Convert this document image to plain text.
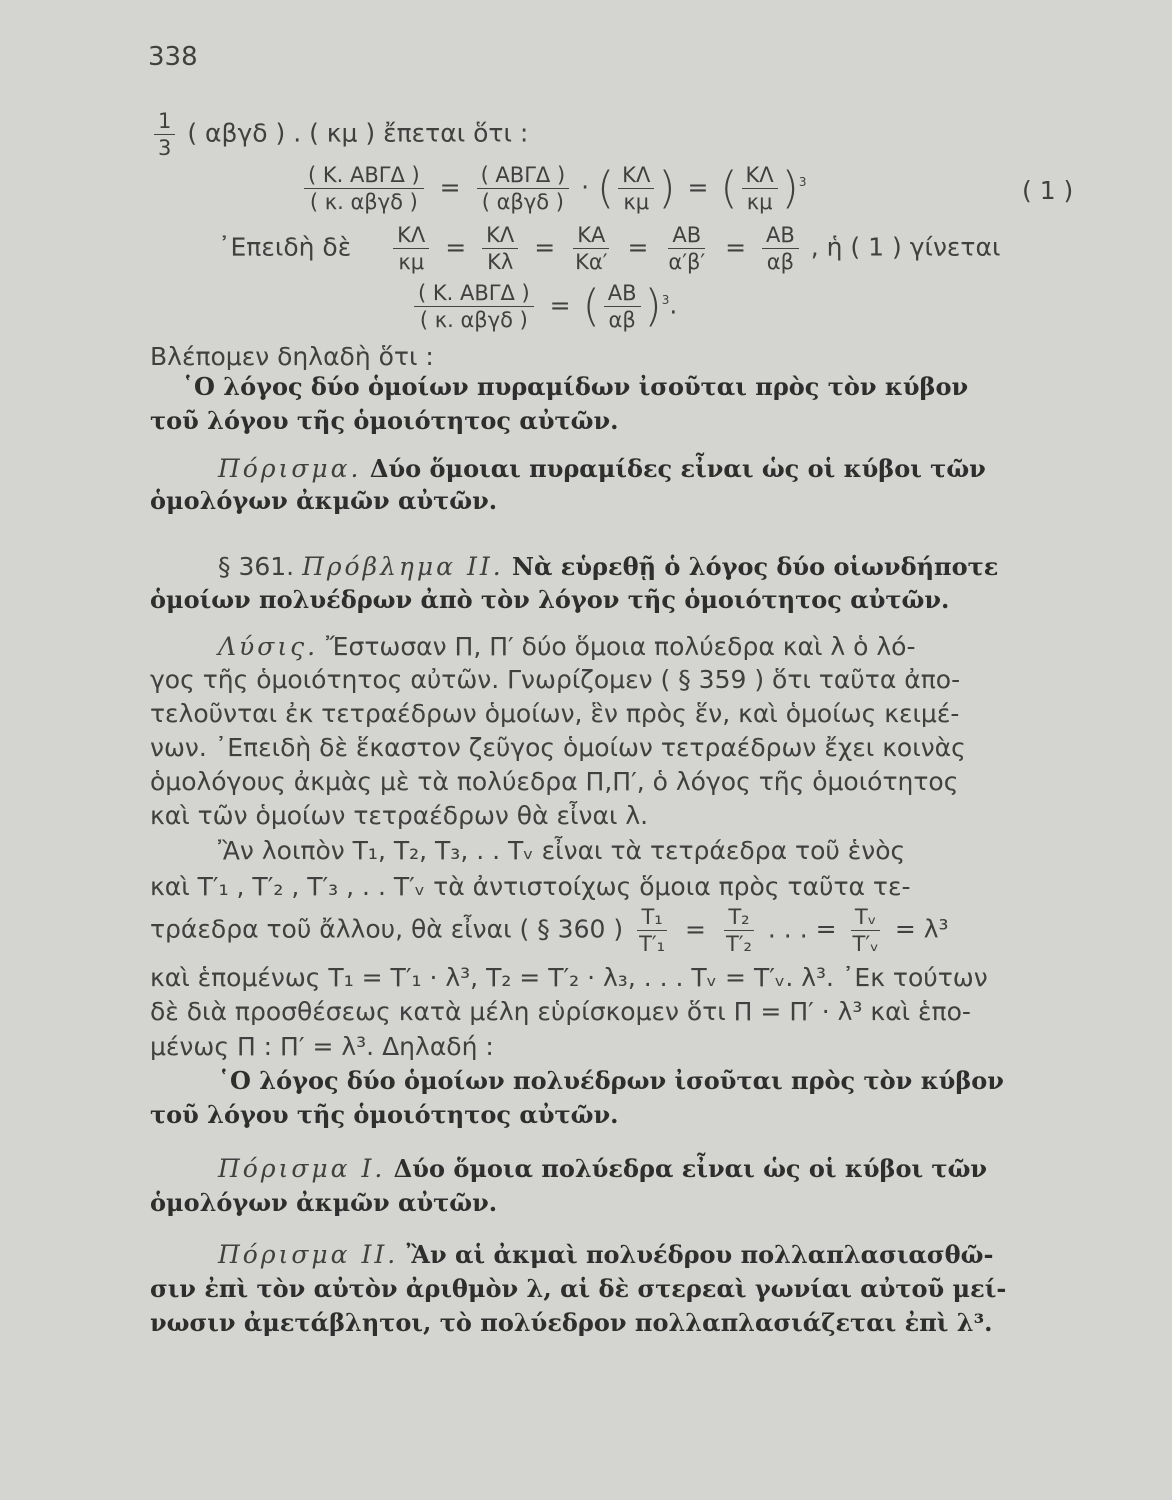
338
$\frac{1}{3}$ ( αβγδ ) . ( κμ ) ἔπεται ὅτι :
$\frac{\text{( Κ. ΑΒΓΔ )}}{\text{( κ. αβγδ )}} = \frac{\text{( ΑΒΓΔ )}}{\text{( αβγδ )}}$ · ( $\frac{K\Lambda}{\kappa\mu}$ ) = ( $\frac{K\Lambda}{\kappa\mu} )^3$	( 1 )
᾿Επειδὴ δὲ $\frac{K\Lambda}{\kappa\mu} = \frac{K\Lambda}{K\lambda} = \frac{KA}{K\alpha'} = \frac{AB}{\alpha'\beta'} = \frac{AB}{\alpha\beta}$ , ἡ ( 1 ) γίνεται
$\frac{\text{( Κ. ΑΒΓΔ )}}{\text{( κ. αβγδ )}}$ = ( $\frac{AB}{\alpha\beta} )^3$.
Βλέπομεν δηλαδὴ ὅτι :
῾Ο λόγος δύο ὁμοίων πυραμίδων ἰσοῦται πρὸς τὸν κύβον
τοῦ λόγου τῆς ὁμοιότητος αὐτῶν.
Πόρισμα. Δύο ὅμοιαι πυραμίδες εἶναι ὡς οἱ κύβοι τῶν
ὁμολόγων ἀκμῶν αὐτῶν.
§ 361. Πρόβλημα ΙΙ. Νὰ εὑρεθῇ ὁ λόγος δύο οἱωνδήποτε
ὁμοίων πολυέδρων ἀπὸ τὸν λόγον τῆς ὁμοιότητος αὐτῶν.
Λύσις. Ἔστωσαν Π, Π′ δύο ὅμοια πολύεδρα καὶ λ ὁ λό-
γος τῆς ὁμοιότητος αὐτῶν. Γνωρίζομεν ( § 359 ) ὅτι ταῦτα ἀπο-
τελοῦνται ἐκ τετραέδρων ὁμοίων, ἓν πρὸς ἕν, καὶ ὁμοίως κειμέ-
νων. ᾿Επειδὴ δὲ ἕκαστον ζεῦγος ὁμοίων τετραέδρων ἔχει κοινὰς
ὁμολόγους ἀκμὰς μὲ τὰ πολύεδρα Π,Π′, ὁ λόγος τῆς ὁμοιότητος
καὶ τῶν ὁμοίων τετραέδρων θὰ εἶναι λ.
Ἂν λοιπὸν Τ₁, Τ₂, Τ₃, . . Τᵥ εἶναι τὰ τετράεδρα τοῦ ἑνὸς
καὶ Τ′₁ , Τ′₂ , Τ′₃ , . . Τ′ᵥ τὰ ἀντιστοίχως ὅμοια πρὸς ταῦτα τε-
τράεδρα τοῦ ἄλλου, θὰ εἶναι ( § 360 ) $\frac{\text{Τ₁}}{\text{Τ′₁}} = \frac{\text{Τ₂}}{\text{Τ′₂}}$ . . . = $\frac{\text{Τᵥ}}{\text{Τ′ᵥ}} = \lambda^3$
καὶ ἑπομένως Τ₁ = Τ′₁ · λ³, Τ₂ = Τ′₂ · λ₃, . . . Τᵥ = Τ′ᵥ. λ³. ᾿Εκ τούτων
δὲ διὰ προσθέσεως κατὰ μέλη εὑρίσκομεν ὅτι Π = Π′ · λ³ καὶ ἑπο-
μένως Π : Π′ = λ³. Δηλαδή :
῾Ο λόγος δύο ὁμοίων πολυέδρων ἰσοῦται πρὸς τὸν κύβον
τοῦ λόγου τῆς ὁμοιότητος αὐτῶν.
Πόρισμα Ι. Δύο ὅμοια πολύεδρα εἶναι ὡς οἱ κύβοι τῶν
ὁμολόγων ἀκμῶν αὐτῶν.
Πόρισμα ΙΙ. Ἂν αἱ ἀκμαὶ πολυέδρου πολλαπλασιασθῶ-
σιν ἐπὶ τὸν αὐτὸν ἀριθμὸν λ, αἱ δὲ στερεαὶ γωνίαι αὐτοῦ μεί-
νωσιν ἀμετάβλητοι, τὸ πολύεδρον πολλαπλασιάζεται ἐπὶ λ³.
